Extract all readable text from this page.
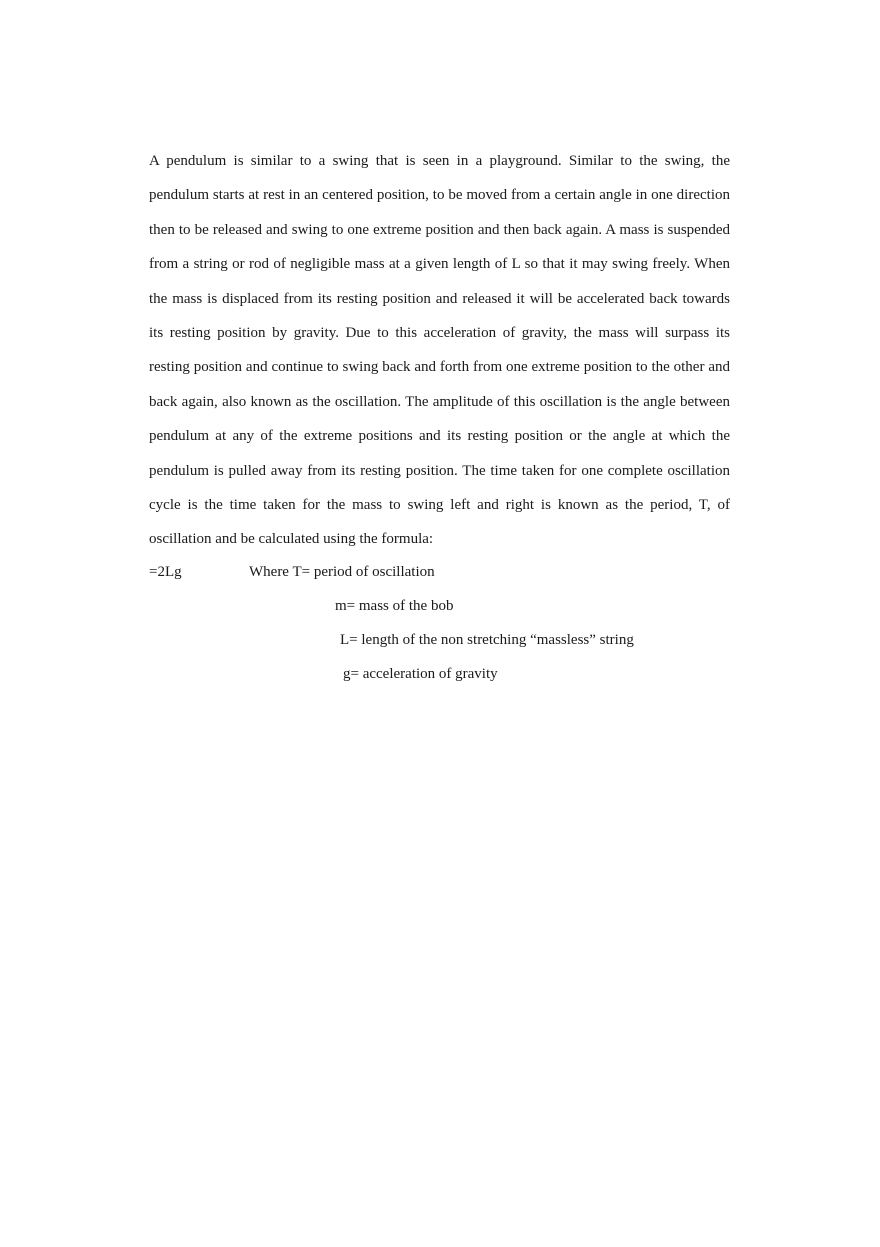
A pendulum is similar to a swing that is seen in a playground. Similar to the swing, the pendulum starts at rest in an centered position, to be moved from a certain angle in one direction then to be released and swing to one extreme position and then back again. A mass is suspended from a string or rod of negligible mass at a given length of L so that it may swing freely. When the mass is displaced from its resting position and released it will be accelerated back towards its resting position by gravity. Due to this acceleration of gravity, the mass will surpass its resting position and continue to swing back and forth from one extreme position to the other and back again, also known as the oscillation. The amplitude of this oscillation is the angle between pendulum at any of the extreme positions and its resting position or the angle at which the pendulum is pulled away from its resting position. The time taken for one complete oscillation cycle is the time taken for the mass to swing left and right is known as the period, T, of oscillation and be calculated using the formula:

=2Lg	Where T= period of oscillation
m= mass of the bob
L= length of the non stretching “massless” string
g= acceleration of gravity
